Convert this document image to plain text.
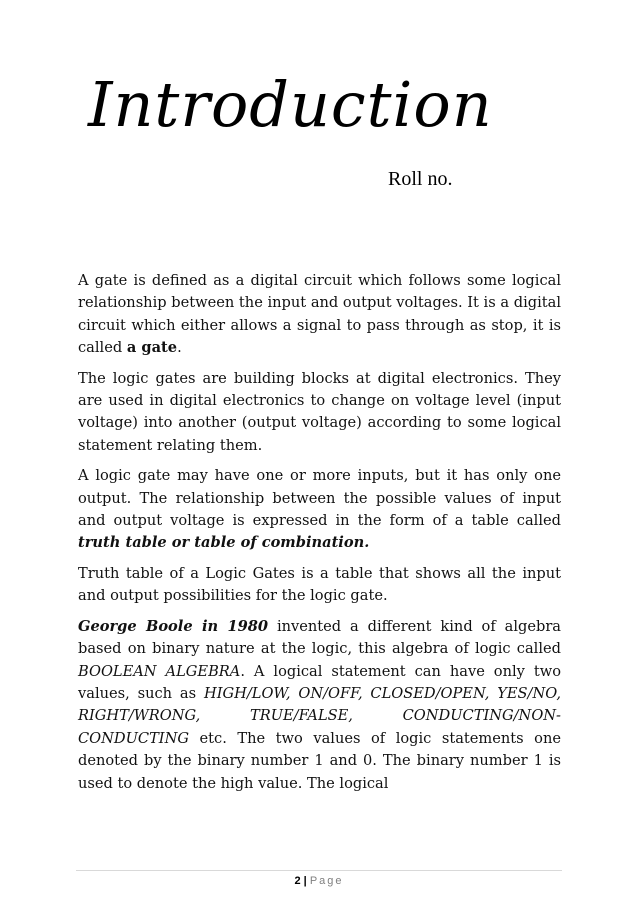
Introduction
Roll no.

A gate is defined as a digital circuit which follows some logical relationship between the input and output voltages. It is a digital circuit which either allows a signal to pass through as stop, it is called a gate.

The logic gates are building blocks at digital electronics. They are used in digital electronics to change on voltage level (input voltage) into another (output voltage) according to some logical statement relating them.

A logic gate may have one or more inputs, but it has only one output. The relationship between the possible values of input and output voltage is expressed in the form of a table called truth table or table of combination.

Truth table of a Logic Gates is a table that shows all the input and output possibilities for the logic gate.

George Boole in 1980 invented a different kind of algebra based on binary nature at the logic, this algebra of logic called BOOLEAN ALGEBRA. A logical statement can have only two values, such as HIGH/LOW, ON/OFF, CLOSED/OPEN, YES/NO, RIGHT/WRONG, TRUE/FALSE, CONDUCTING/NON-CONDUCTING etc. The two values of logic statements one denoted by the binary number 1 and 0. The binary number 1 is used to denote the high value. The logical

2 | Page
